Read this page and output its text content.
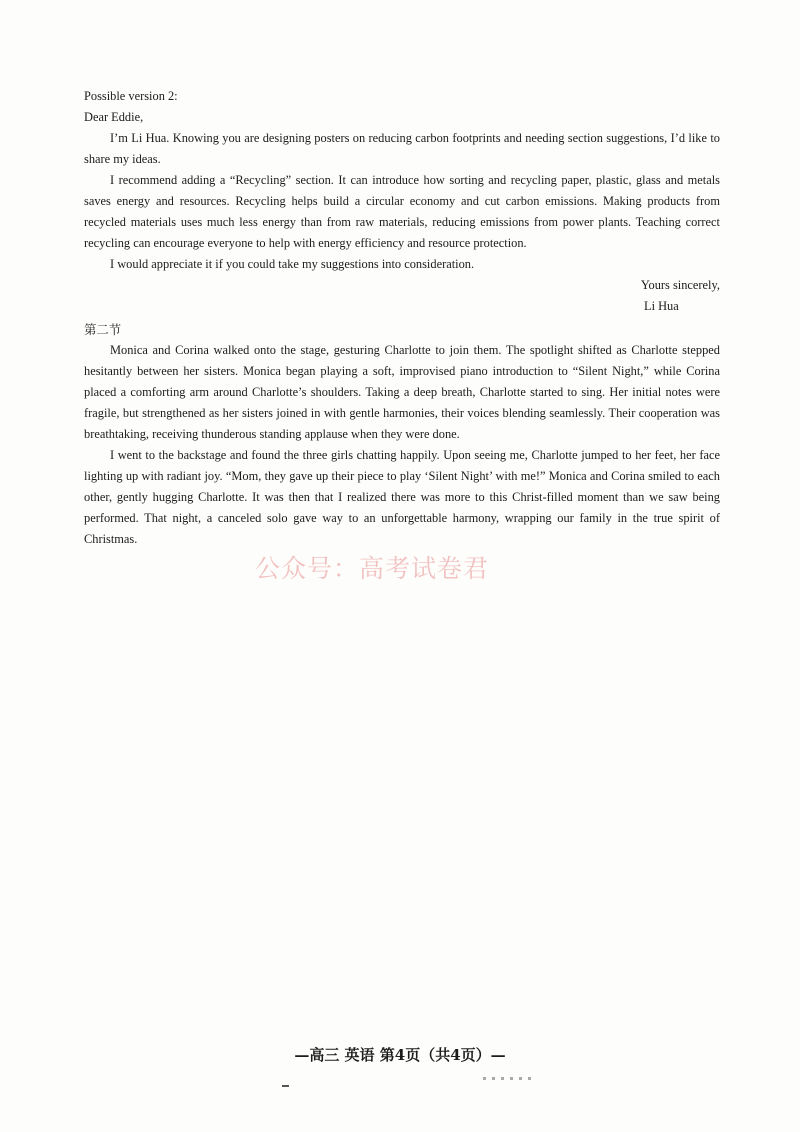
Possible version 2:

Dear Eddie,

I’m Li Hua. Knowing you are designing posters on reducing carbon footprints and needing section suggestions, I’d like to share my ideas.

I recommend adding a “Recycling” section. It can introduce how sorting and recycling paper, plastic, glass and metals saves energy and resources. Recycling helps build a circular economy and cut carbon emissions. Making products from recycled materials uses much less energy than from raw materials, reducing emissions from power plants. Teaching correct recycling can encourage everyone to help with energy efficiency and resource protection.

I would appreciate it if you could take my suggestions into consideration.

Yours sincerely,

Li Hua

第二节

Monica and Corina walked onto the stage, gesturing Charlotte to join them. The spotlight shifted as Charlotte stepped hesitantly between her sisters. Monica began playing a soft, improvised piano introduction to “Silent Night,” while Corina placed a comforting arm around Charlotte’s shoulders. Taking a deep breath, Charlotte started to sing. Her initial notes were fragile, but strengthened as her sisters joined in with gentle harmonies, their voices blending seamlessly. Their cooperation was breathtaking, receiving thunderous standing applause when they were done.

I went to the backstage and found the three girls chatting happily. Upon seeing me, Charlotte jumped to her feet, her face lighting up with radiant joy. “Mom, they gave up their piece to play ‘Silent Night’ with me!” Monica and Corina smiled to each other, gently hugging Charlotte. It was then that I realized there was more to this Christ-filled moment than we saw being performed. That night, a canceled solo gave way to an unforgettable harmony, wrapping our family in the true spirit of Christmas.

公众号：高考试卷君
—高三 英语 第4页（共4页）—
